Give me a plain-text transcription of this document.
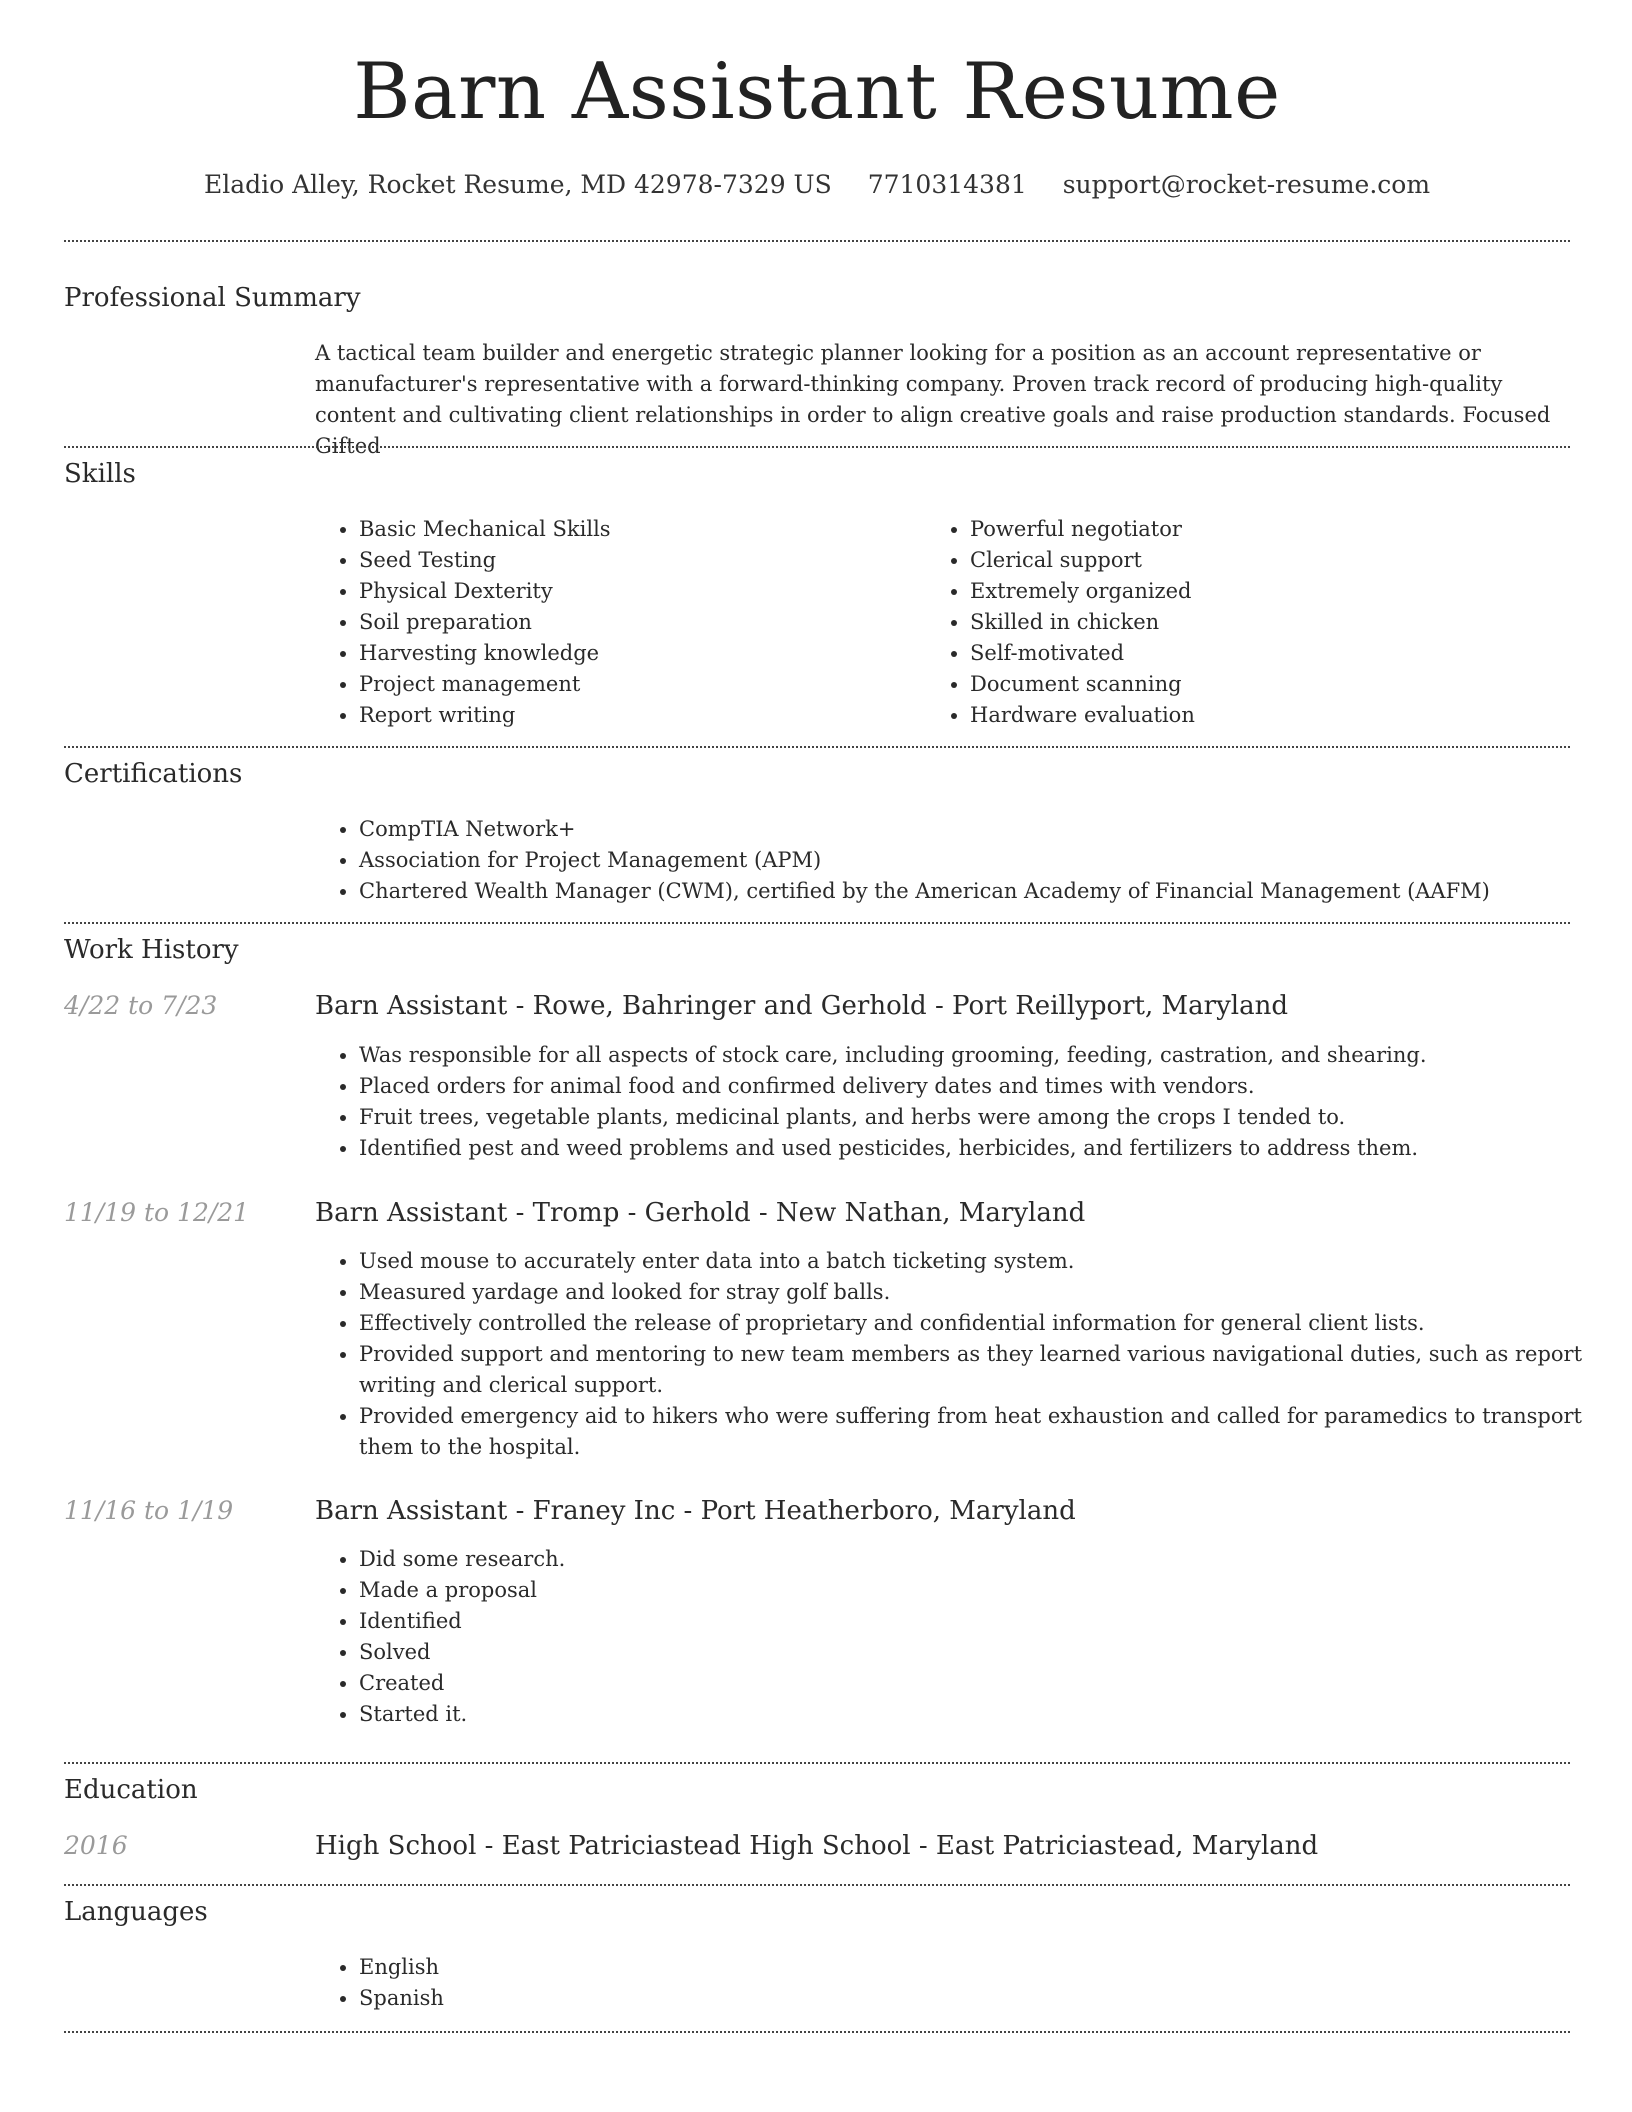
Barn Assistant Resume
Eladio Alley, Rocket Resume, MD 42978-7329 US 7710314381 support@rocket-resume.com
Professional Summary
A tactical team builder and energetic strategic planner looking for a position as an account representative or manufacturer's representative with a forward-thinking company. Proven track record of producing high-quality content and cultivating client relationships in order to align creative goals and raise production standards. Focused Gifted
Skills
• Basic Mechanical Skills
• Seed Testing
• Physical Dexterity
• Soil preparation
• Harvesting knowledge
• Project management
• Report writing
• Powerful negotiator
• Clerical support
• Extremely organized
• Skilled in chicken
• Self-motivated
• Document scanning
• Hardware evaluation
Certifications
• CompTIA Network+
• Association for Project Management (APM)
• Chartered Wealth Manager (CWM), certified by the American Academy of Financial Management (AAFM)
Work History
4/22 to 7/23	Barn Assistant - Rowe, Bahringer and Gerhold - Port Reillyport, Maryland
• Was responsible for all aspects of stock care, including grooming, feeding, castration, and shearing.
• Placed orders for animal food and confirmed delivery dates and times with vendors.
• Fruit trees, vegetable plants, medicinal plants, and herbs were among the crops I tended to.
• Identified pest and weed problems and used pesticides, herbicides, and fertilizers to address them.
11/19 to 12/21	Barn Assistant - Tromp - Gerhold - New Nathan, Maryland
• Used mouse to accurately enter data into a batch ticketing system.
• Measured yardage and looked for stray golf balls.
• Effectively controlled the release of proprietary and confidential information for general client lists.
• Provided support and mentoring to new team members as they learned various navigational duties, such as report writing and clerical support.
• Provided emergency aid to hikers who were suffering from heat exhaustion and called for paramedics to transport them to the hospital.
11/16 to 1/19	Barn Assistant - Franey Inc - Port Heatherboro, Maryland
• Did some research.
• Made a proposal
• Identified
• Solved
• Created
• Started it.
Education
2016	High School - East Patriciastead High School - East Patriciastead, Maryland
Languages
• English
• Spanish
